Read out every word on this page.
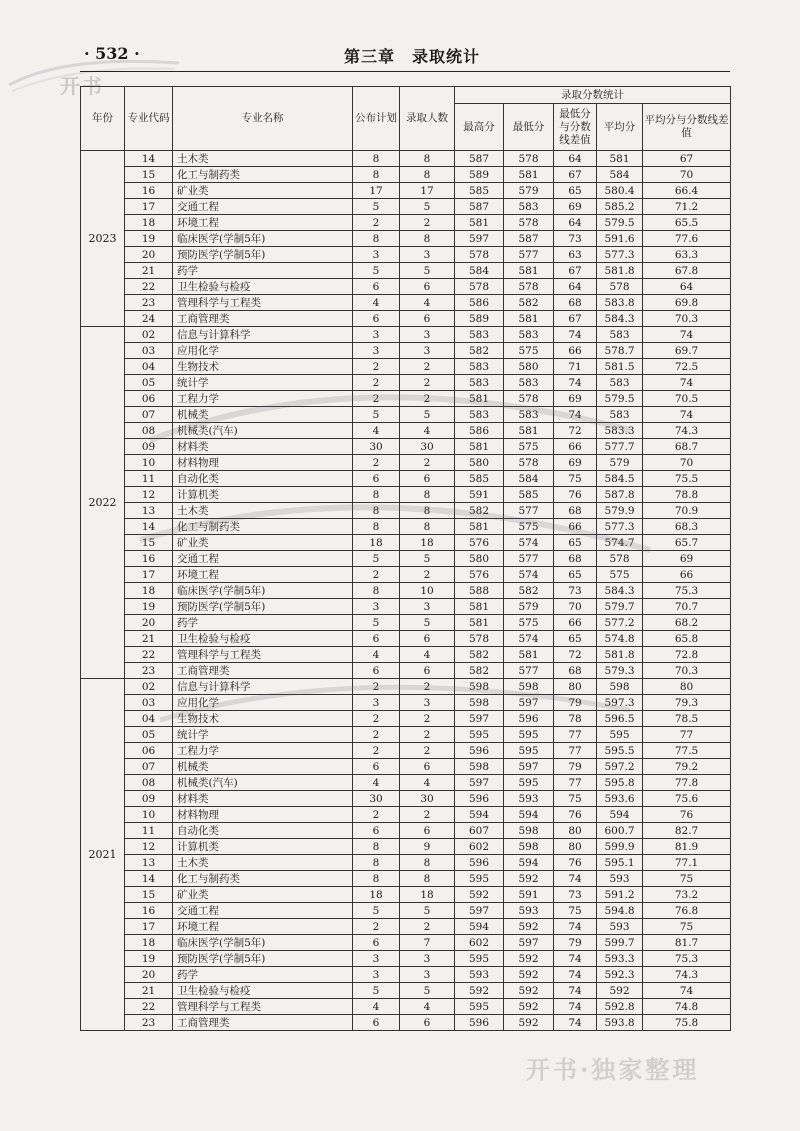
开书
· 532 ·	第三章　录取统计
年份	专业代码	专业名称	公布计划	录取人数	录取分数统计				
					最高分	最低分	最低分与分数线差值	平均分	平均分与分数线差值
2023	14	土木类	8	8	587	578	64	581	67
	15	化工与制药类	8	8	589	581	67	584	70
	16	矿业类	17	17	585	579	65	580.4	66.4
	17	交通工程	5	5	587	583	69	585.2	71.2
	18	环境工程	2	2	581	578	64	579.5	65.5
	19	临床医学(学制5年)	8	8	597	587	73	591.6	77.6
	20	预防医学(学制5年)	3	3	578	577	63	577.3	63.3
	21	药学	5	5	584	581	67	581.8	67.8
	22	卫生检验与检疫	6	6	578	578	64	578	64
	23	管理科学与工程类	4	4	586	582	68	583.8	69.8
	24	工商管理类	6	6	589	581	67	584.3	70.3
2022	02	信息与计算科学	3	3	583	583	74	583	74
	03	应用化学	3	3	582	575	66	578.7	69.7
	04	生物技术	2	2	583	580	71	581.5	72.5
	05	统计学	2	2	583	583	74	583	74
	06	工程力学	2	2	581	578	69	579.5	70.5
	07	机械类	5	5	583	583	74	583	74
	08	机械类(汽车)	4	4	586	581	72	583.3	74.3
	09	材料类	30	30	581	575	66	577.7	68.7
	10	材料物理	2	2	580	578	69	579	70
	11	自动化类	6	6	585	584	75	584.5	75.5
	12	计算机类	8	8	591	585	76	587.8	78.8
	13	土木类	8	8	582	577	68	579.9	70.9
	14	化工与制药类	8	8	581	575	66	577.3	68.3
	15	矿业类	18	18	576	574	65	574.7	65.7
	16	交通工程	5	5	580	577	68	578	69
	17	环境工程	2	2	576	574	65	575	66
	18	临床医学(学制5年)	8	10	588	582	73	584.3	75.3
	19	预防医学(学制5年)	3	3	581	579	70	579.7	70.7
	20	药学	5	5	581	575	66	577.2	68.2
	21	卫生检验与检疫	6	6	578	574	65	574.8	65.8
	22	管理科学与工程类	4	4	582	581	72	581.8	72.8
	23	工商管理类	6	6	582	577	68	579.3	70.3
2021	02	信息与计算科学	2	2	598	598	80	598	80
	03	应用化学	3	3	598	597	79	597.3	79.3
	04	生物技术	2	2	597	596	78	596.5	78.5
	05	统计学	2	2	595	595	77	595	77
	06	工程力学	2	2	596	595	77	595.5	77.5
	07	机械类	6	6	598	597	79	597.2	79.2
	08	机械类(汽车)	4	4	597	595	77	595.8	77.8
	09	材料类	30	30	596	593	75	593.6	75.6
	10	材料物理	2	2	594	594	76	594	76
	11	自动化类	6	6	607	598	80	600.7	82.7
	12	计算机类	8	9	602	598	80	599.9	81.9
	13	土木类	8	8	596	594	76	595.1	77.1
	14	化工与制药类	8	8	595	592	74	593	75
	15	矿业类	18	18	592	591	73	591.2	73.2
	16	交通工程	5	5	597	593	75	594.8	76.8
	17	环境工程	2	2	594	592	74	593	75
	18	临床医学(学制5年)	6	7	602	597	79	599.7	81.7
	19	预防医学(学制5年)	3	3	595	592	74	593.3	75.3
	20	药学	3	3	593	592	74	592.3	74.3
	21	卫生检验与检疫	5	5	592	592	74	592	74
	22	管理科学与工程类	4	4	595	592	74	592.8	74.8
	23	工商管理类	6	6	596	592	74	593.8	75.8
开书·独家整理
